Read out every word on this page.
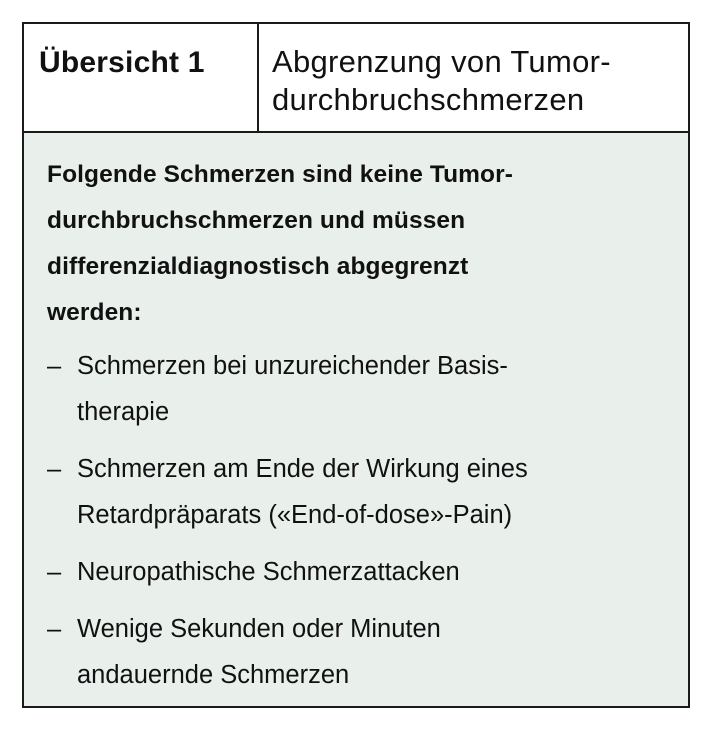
Übersicht 1	Abgrenzung von Tumor-
durchbruchschmerzen
Folgende Schmerzen sind keine Tumor-
durchbruchschmerzen und müssen
differenzialdiagnostisch abgegrenzt
werden:
– Schmerzen bei unzureichender Basis-
therapie
– Schmerzen am Ende der Wirkung eines
Retardpräparats («End-of-dose»-Pain)
– Neuropathische Schmerzattacken
– Wenige Sekunden oder Minuten
andauernde Schmerzen
